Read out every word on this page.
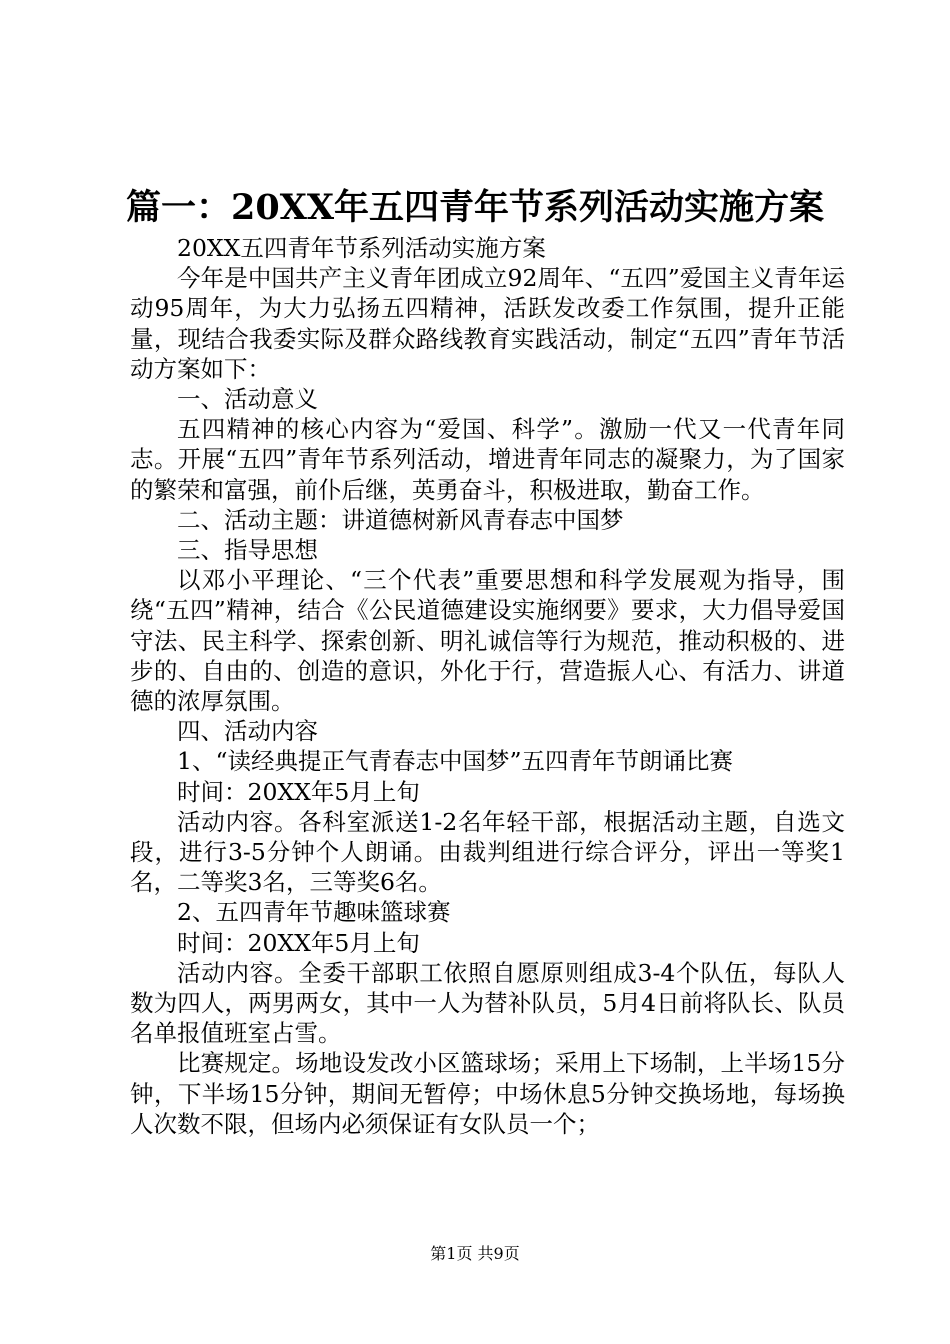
篇一：20XX年五四青年节系列活动实施方案

20XX五四青年节系列活动实施方案

今年是中国共产主义青年团成立92周年、“五四”爱国主义青年运动95周年，为大力弘扬五四精神，活跃发改委工作氛围，提升正能量，现结合我委实际及群众路线教育实践活动，制定“五四”青年节活动方案如下：

一、活动意义

五四精神的核心内容为“爱国、科学”。激励一代又一代青年同志。开展“五四”青年节系列活动，增进青年同志的凝聚力，为了国家的繁荣和富强，前仆后继，英勇奋斗，积极进取，勤奋工作。

二、活动主题：讲道德树新风青春志中国梦

三、指导思想

以邓小平理论、“三个代表”重要思想和科学发展观为指导，围绕“五四”精神，结合《公民道德建设实施纲要》要求，大力倡导爱国守法、民主科学、探索创新、明礼诚信等行为规范，推动积极的、进步的、自由的、创造的意识，外化于行，营造振人心、有活力、讲道德的浓厚氛围。

四、活动内容

1、“读经典提正气青春志中国梦”五四青年节朗诵比赛

时间：20XX年5月上旬

活动内容。各科室派送1-2名年轻干部，根据活动主题，自选文段，进行3-5分钟个人朗诵。由裁判组进行综合评分，评出一等奖1名，二等奖3名，三等奖6名。

2、五四青年节趣味篮球赛

时间：20XX年5月上旬

活动内容。全委干部职工依照自愿原则组成3-4个队伍，每队人数为四人，两男两女，其中一人为替补队员，5月4日前将队长、队员名单报值班室占雪。

比赛规定。场地设发改小区篮球场；采用上下场制，上半场15分钟，下半场15分钟，期间无暂停；中场休息5分钟交换场地，每场换人次数不限，但场内必须保证有女队员一个；

第1页 共9页
